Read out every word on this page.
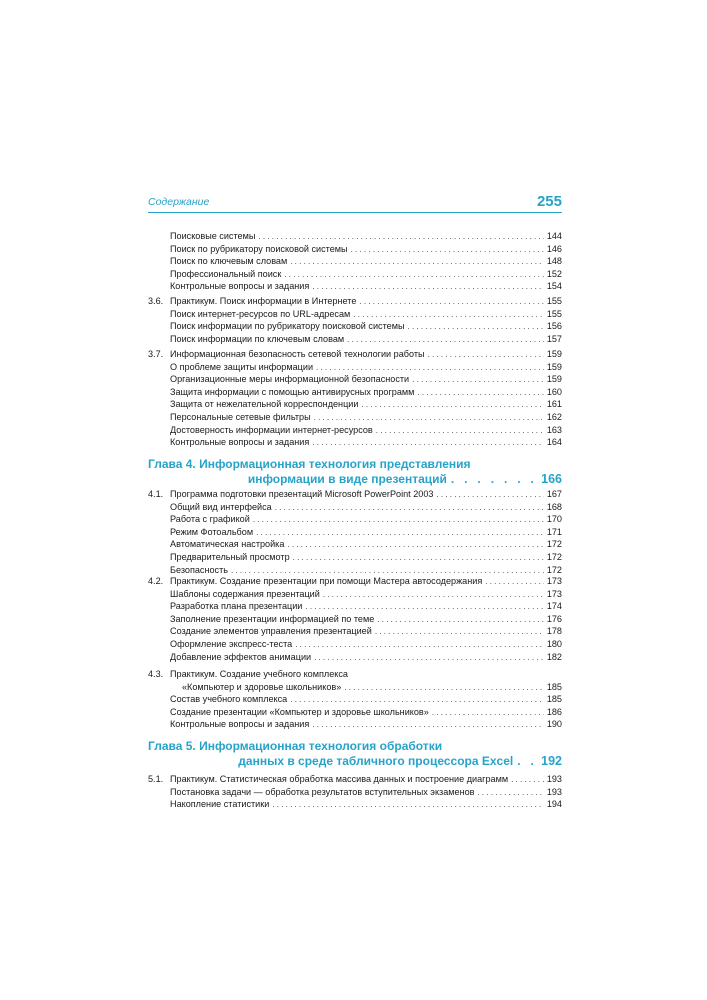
Содержание	255
Поисковые системы . . .	144
Поиск по рубрикатору поисковой системы . . .	146
Поиск по ключевым словам . . .	148
Профессиональный поиск . . .	152
Контрольные вопросы и задания . . .	154
3.6. Практикум. Поиск информации в Интернете . . .	155
Поиск интернет-ресурсов по URL-адресам . . .	155
Поиск информации по рубрикатору поисковой системы . . .	156
Поиск информации по ключевым словам . . .	157
3.7. Информационная безопасность сетевой технологии работы . . .	159
О проблеме защиты информации . . .	159
Организационные меры информационной безопасности . . .	159
Защита информации с помощью антивирусных программ . . .	160
Защита от нежелательной корреспонденции . . .	161
Персональные сетевые фильтры . . .	162
Достоверность информации интернет-ресурсов . . .	163
Контрольные вопросы и задания . . .	164
4.1. Программа подготовки презентаций Microsoft PowerPoint 2003 . . .	167
Общий вид интерфейса . . .	168
Работа с графикой . . .	170
Режим Фотоальбом . . .	171
Автоматическая настройка . . .	172
Предварительный просмотр . . .	172
Безопасность . . .	172
4.2. Практикум. Создание презентации при помощи Мастера автосодержания . . .	173
Шаблоны содержания презентаций . . .	173
Разработка плана презентации . . .	174
Заполнение презентации информацией по теме . . .	176
Создание элементов управления презентацией . . .	178
Оформление экспресс-теста . . .	180
Добавление эффектов анимации . . .	182
4.3. Практикум. Создание учебного комплекса
«Компьютер и здоровье школьников» . . .	185
Состав учебного комплекса . . .	185
Создание презентации «Компьютер и здоровье школьников» . . .	186
Контрольные вопросы и задания . . .	190
5.1. Практикум. Статистическая обработка массива данных и построение диаграмм . . .	193
Постановка задачи — обработка результатов вступительных экзаменов . . .	193
Накопление статистики . . .	194
Глава 4. Информационная технология представления
информации в виде презентаций . . . . . . . 166
Глава 5. Информационная технология обработки
данных в среде табличного процессора Excel . . 192
